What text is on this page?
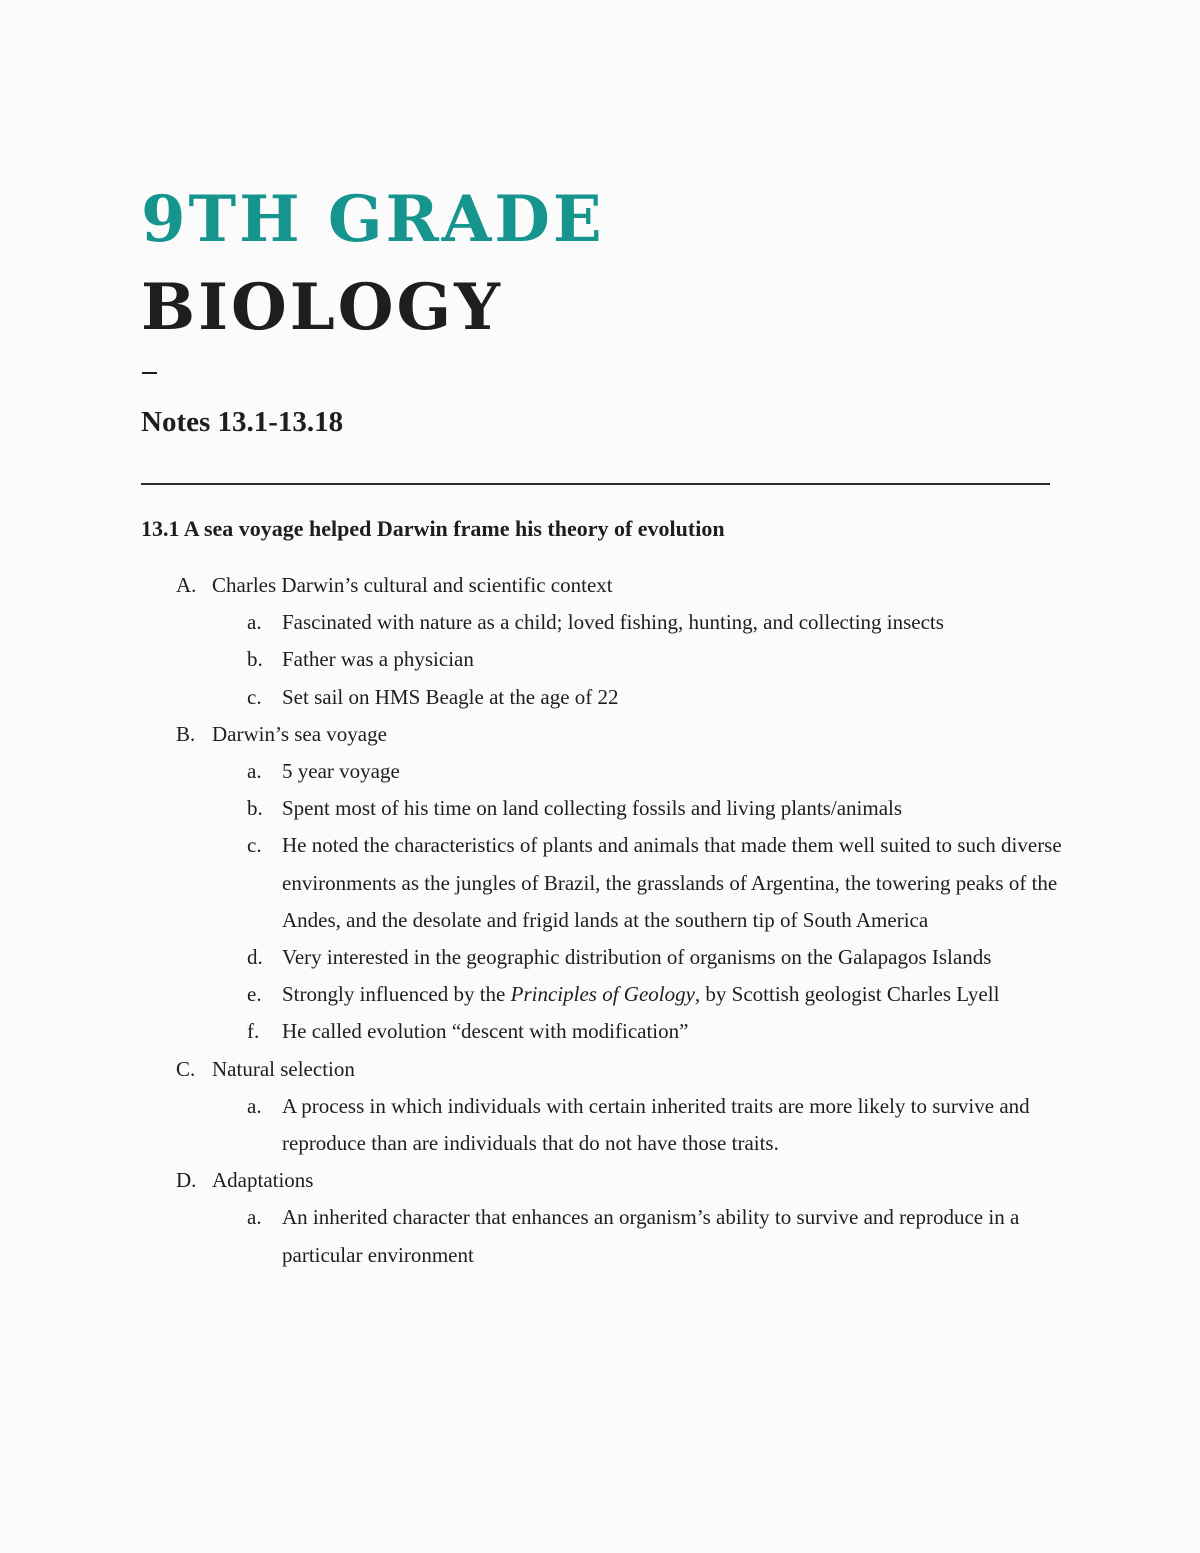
9TH GRADE
BIOLOGY
Notes 13.1-13.18
13.1 A sea voyage helped Darwin frame his theory of evolution
A. Charles Darwin’s cultural and scientific context
a. Fascinated with nature as a child; loved fishing, hunting, and collecting insects
b. Father was a physician
c. Set sail on HMS Beagle at the age of 22
B. Darwin’s sea voyage
a. 5 year voyage
b. Spent most of his time on land collecting fossils and living plants/animals
c. He noted the characteristics of plants and animals that made them well suited to such diverse environments as the jungles of Brazil, the grasslands of Argentina, the towering peaks of the Andes, and the desolate and frigid lands at the southern tip of South America
d. Very interested in the geographic distribution of organisms on the Galapagos Islands
e. Strongly influenced by the Principles of Geology, by Scottish geologist Charles Lyell
f. He called evolution “descent with modification”
C. Natural selection
a. A process in which individuals with certain inherited traits are more likely to survive and reproduce than are individuals that do not have those traits.
D. Adaptations
a. An inherited character that enhances an organism’s ability to survive and reproduce in a particular environment
